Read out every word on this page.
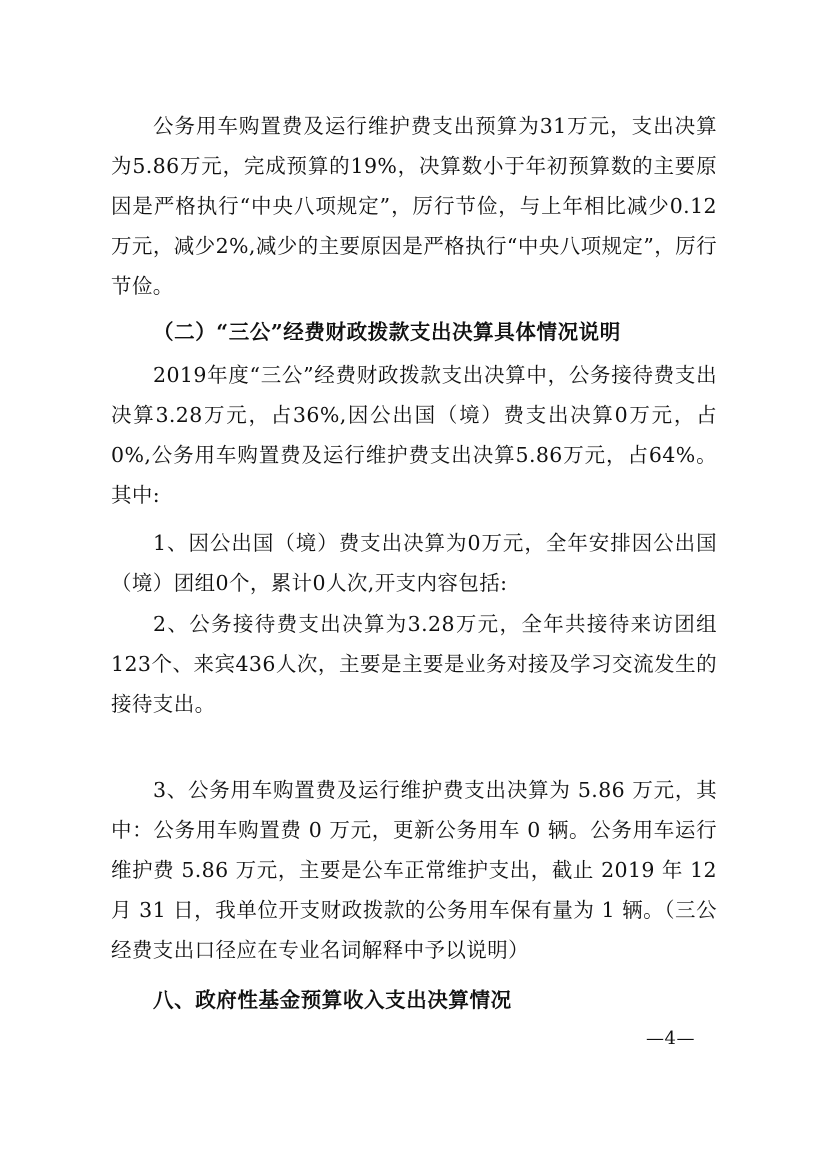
公务用车购置费及运行维护费支出预算为31万元，支出决算为5.86万元，完成预算的19%，决算数小于年初预算数的主要原因是严格执行“中央八项规定”，厉行节俭，与上年相比减少0.12万元，减少2%,减少的主要原因是严格执行“中央八项规定”，厉行节俭。

（二）“三公”经费财政拨款支出决算具体情况说明

2019年度“三公”经费财政拨款支出决算中，公务接待费支出决算3.28万元，占36%,因公出国（境）费支出决算0万元，占0%,公务用车购置费及运行维护费支出决算5.86万元，占64%。其中:

1、因公出国（境）费支出决算为0万元，全年安排因公出国（境）团组0个，累计0人次,开支内容包括:

2、公务接待费支出决算为3.28万元，全年共接待来访团组123个、来宾436人次，主要是主要是业务对接及学习交流发生的接待支出。

3、公务用车购置费及运行维护费支出决算为 5.86 万元，其中：公务用车购置费 0 万元，更新公务用车 0 辆。公务用车运行维护费 5.86 万元，主要是公车正常维护支出，截止 2019 年 12 月 31 日，我单位开支财政拨款的公务用车保有量为 1 辆。（三公经费支出口径应在专业名词解释中予以说明）

八、政府性基金预算收入支出决算情况

—4—
